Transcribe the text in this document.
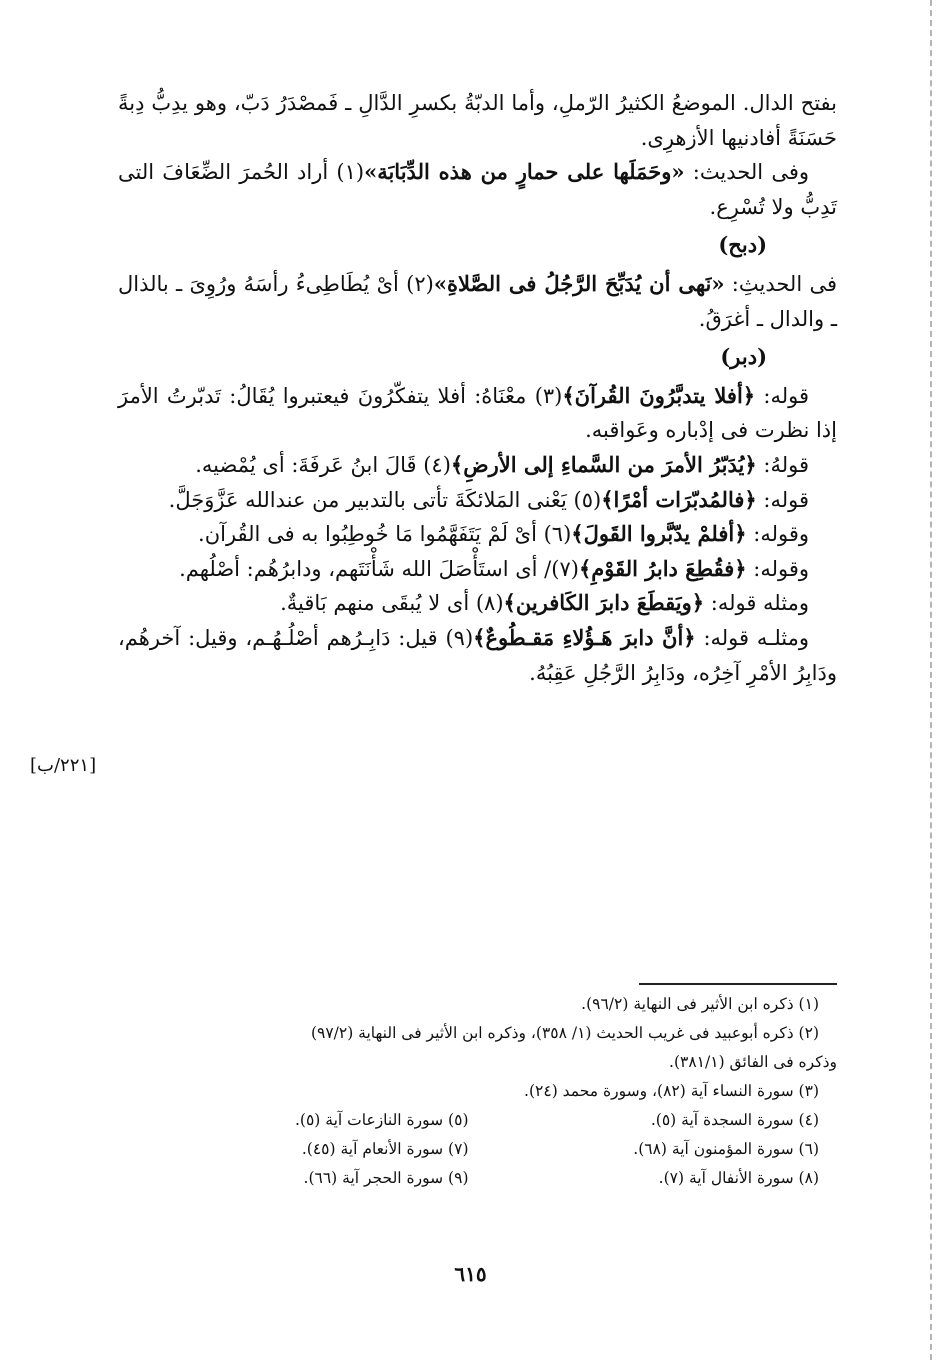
بفتح الدال. الموضعُ الكثيرُ الرّملِ، وأما الدبّةُ بكسرِ الدَّالِ ـ فَمصْدَرُ دَبّ، وهو يدِبُّ دِبةً حَسَنَةً أفادنيها الأزهرِى.

وفى الحديث: «وحَمَلَها على حمارٍ من هذه الدِّبَابَة»(١) أراد الحُمرَ الضِّعَافَ التى تَدِبُّ ولا تُسْرِع.

(دبح)

فى الحديثِ: «نَهى أن يُدَبِّحَ الرَّجُلُ فى الصَّلاةِ»(٢) أىْ يُطَاطِىءُ رأسَهُ ورُوِىَ ـ بالذال ـ والدال ـ أغرَقُ.

(دبر)

قوله: ﴿أفلا يتدبَّرُونَ القُرآنَ﴾(٣) معْنَاهُ: أفلا يتفكّرُونَ فيعتبروا يُقَالُ: تَدبّرتُ الأمرَ إذا نظرت فى إدْباره وعَواقبه.

قولهُ: ﴿يُدَبّرُ الأمرَ من السَّماءِ إلى الأرضِ﴾(٤) قَالَ ابنُ عَرفَةَ: أى يُمْضيه.

قوله: ﴿فالمُدبّرَات أمْرًا﴾(٥) يَعْنى المَلائكَةَ تأتى بالتدبير من عندالله عَزَّوَجَلَّ.

وقوله: ﴿أفلمْ يدّبَّروا القَولَ﴾(٦) أىْ لَمْ يَتَفَهَّمُوا مَا خُوطِبُوا به فى القُرآن.

وقوله: ﴿فقُطِعَ دابرُ القَوْمِ﴾(٧)/ أى استَأْصَلَ الله شَأْنَتَهم، ودابرُهُم: أصْلُهم.

ومثله قوله: ﴿ويَقطَعَ دابرَ الكَافرين﴾(٨) أى لا يُبقَى منهم بَاقيةٌ.

ومثلـه قوله: ﴿أنَّ دابرَ هَـؤُلاءِ مَقـطُوعٌ﴾(٩) قيل: دَابِـرُهم أصْلُـهُـم، وقيل: آخرهُم، ودَابِرُ الأمْرِ آخِرُه، ودَابِرُ الرَّجُلِ عَقِبُهُ.

[٢٢١/ب]

(١) ذكره ابن الأثير فى النهاية (٩٦/٢).

(٢) ذكره أبوعبيد فى غريب الحديث (١/ ٣٥٨)، وذكره ابن الأثير فى النهاية (٩٧/٢)

وذكره فى الفائق (٣٨١/١).

(٣) سورة النساء آية (٨٢)، وسورة محمد (٢٤).

(٤) سورة السجدة آية (٥).
(٥) سورة النازعات آية (٥).
(٦) سورة المؤمنون آية (٦٨).
(٧) سورة الأنعام آية (٤٥).
(٨) سورة الأنفال آية (٧).
(٩) سورة الحجر آية (٦٦).
٦١٥
